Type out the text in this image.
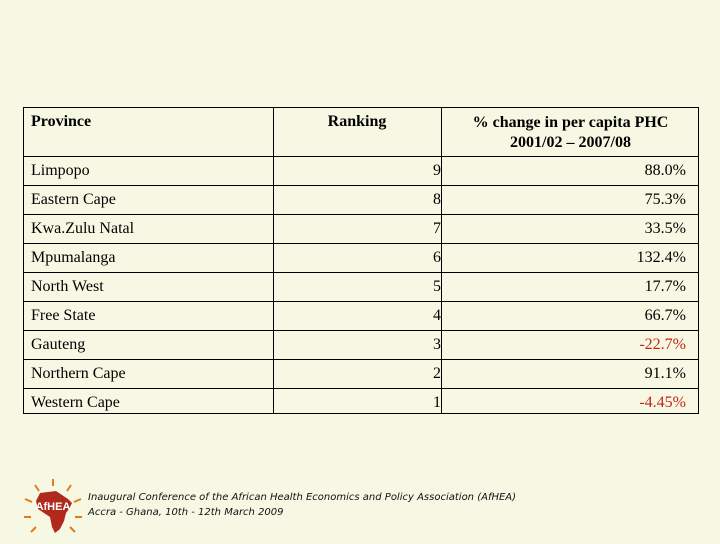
Province	Ranking	% change in per capita PHC
2001/02 – 2007/08
Limpopo	9	88.0%
Eastern Cape	8	75.3%
Kwa.Zulu Natal	7	33.5%
Mpumalanga	6	132.4%
North West	5	17.7%
Free State	4	66.7%
Gauteng	3	-22.7%
Northern Cape	2	91.1%
Western Cape	1	-4.45%
AfHEA
Inaugural Conference of the African Health Economics and Policy Association (AfHEA)
Accra - Ghana, 10th - 12th March 2009
